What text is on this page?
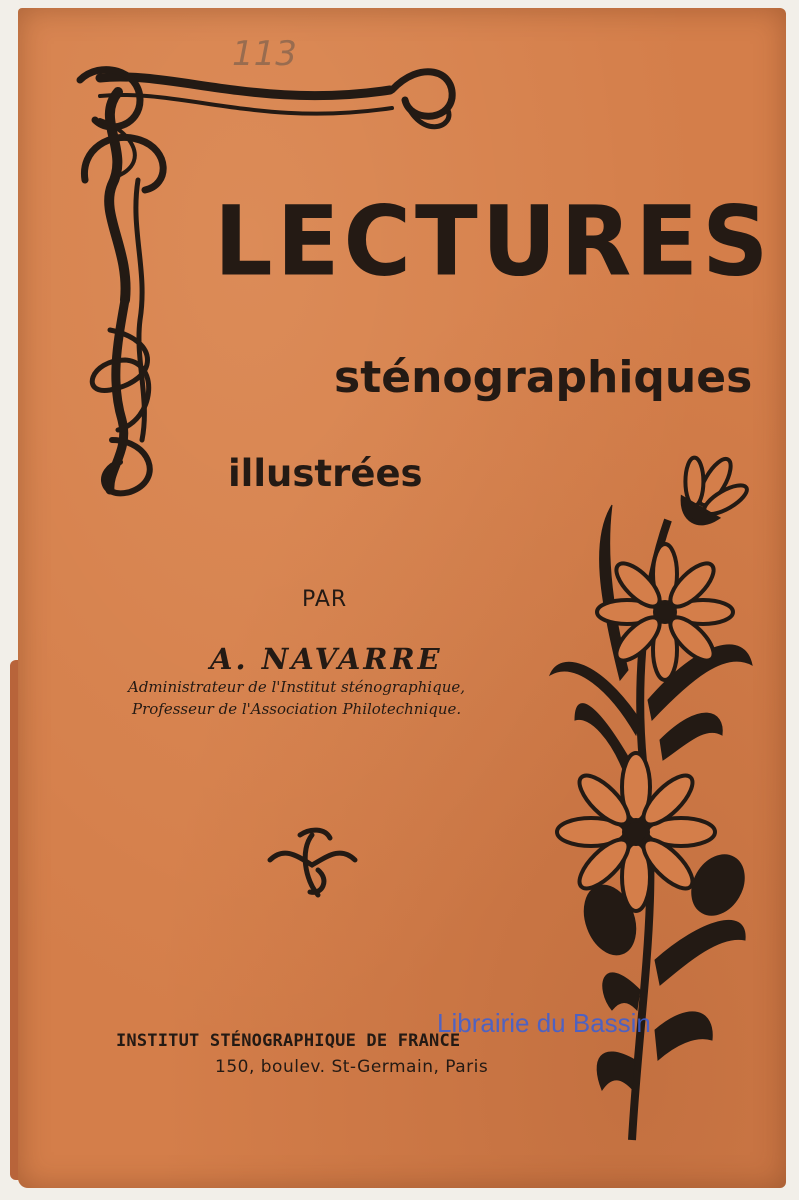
113
LECTURES
sténographiques
illustrées
PAR
A. NAVARRE
Administrateur de l'Institut sténographique,
Professeur de l'Association Philotechnique.
INSTITUT STÉNOGRAPHIQUE DE FRANCE
150, boulev. St-Germain, Paris
Librairie du Bassin
